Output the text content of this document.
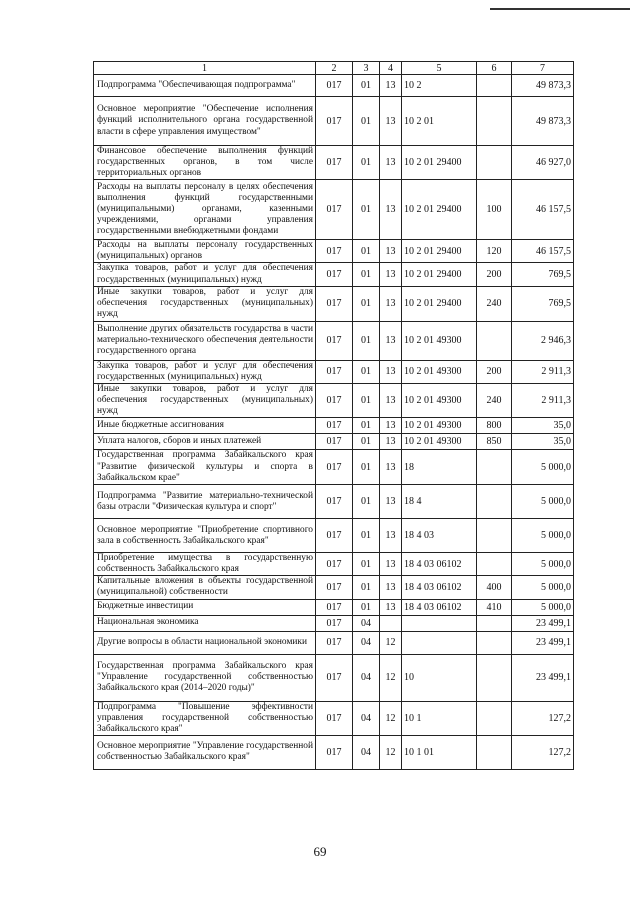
1	2	3	4	5	6	7
Подпрограмма "Обеспечивающая подпрограмма"	017	01	13	10 2		49 873,3
Основное мероприятие "Обеспечение исполнения функций исполнительного органа государственной власти в сфере управления имуществом"	017	01	13	10 2 01		49 873,3
Финансовое обеспечение выполнения функций государственных органов, в том числе территориальных органов	017	01	13	10 2 01 29400		46 927,0
Расходы на выплаты персоналу в целях обеспечения выполнения функций государственными (муниципальными) органами, казенными учреждениями, органами управления государственными внебюджетными фондами	017	01	13	10 2 01 29400	100	46 157,5
Расходы на выплаты персоналу государственных (муниципальных) органов	017	01	13	10 2 01 29400	120	46 157,5
Закупка товаров, работ и услуг для обеспечения государственных (муниципальных) нужд	017	01	13	10 2 01 29400	200	769,5
Иные закупки товаров, работ и услуг для обеспечения государственных (муниципальных) нужд	017	01	13	10 2 01 29400	240	769,5
Выполнение других обязательств государства в части материально-технического обеспечения деятельности государственного органа	017	01	13	10 2 01 49300		2 946,3
Закупка товаров, работ и услуг для обеспечения государственных (муниципальных) нужд	017	01	13	10 2 01 49300	200	2 911,3
Иные закупки товаров, работ и услуг для обеспечения государственных (муниципальных) нужд	017	01	13	10 2 01 49300	240	2 911,3
Иные бюджетные ассигнования	017	01	13	10 2 01 49300	800	35,0
Уплата налогов, сборов и иных платежей	017	01	13	10 2 01 49300	850	35,0
Государственная программа Забайкальского края "Развитие физической культуры и спорта в Забайкальском крае"	017	01	13	18		5 000,0
Подпрограмма "Развитие материально-технической базы отрасли "Физическая культура и спорт"	017	01	13	18 4		5 000,0
Основное мероприятие "Приобретение спортивного зала в собственность Забайкальского края"	017	01	13	18 4 03		5 000,0
Приобретение имущества в государственную собственность Забайкальского края	017	01	13	18 4 03 06102		5 000,0
Капитальные вложения в объекты государственной (муниципальной) собственности	017	01	13	18 4 03 06102	400	5 000,0
Бюджетные инвестиции	017	01	13	18 4 03 06102	410	5 000,0
Национальная экономика	017	04				23 499,1
Другие вопросы в области национальной экономики	017	04	12			23 499,1
Государственная программа Забайкальского края "Управление государственной собственностью Забайкальского края (2014–2020 годы)"	017	04	12	10		23 499,1
Подпрограмма "Повышение эффективности управления государственной собственностью Забайкальского края"	017	04	12	10 1		127,2
Основное мероприятие "Управление государственной собственностью Забайкальского края"	017	04	12	10 1 01		127,2
69
